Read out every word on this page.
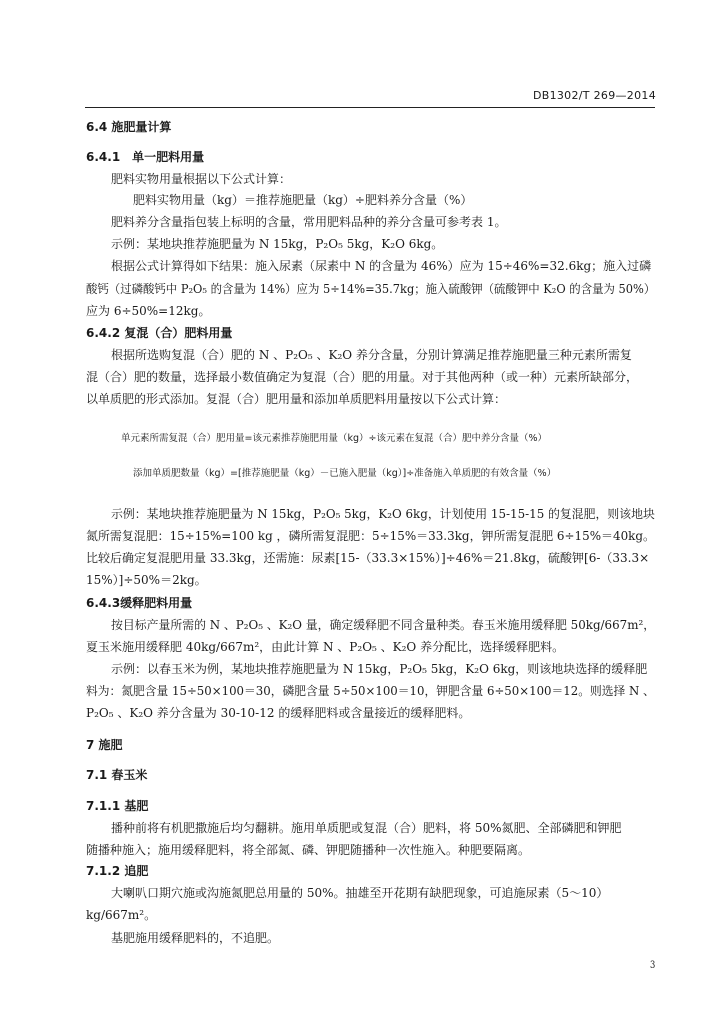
DB1302/T 269—2014
6.4 施肥量计算
6.4.1　单一肥料用量
肥料实物用量根据以下公式计算：
肥料实物用量（kg）＝推荐施肥量（kg）÷肥料养分含量（%）
肥料养分含量指包装上标明的含量，常用肥料品种的养分含量可参考表 1。
示例：某地块推荐施肥量为 N 15kg，P₂O₅ 5kg，K₂O 6kg。
根据公式计算得如下结果：施入尿素（尿素中 N 的含量为 46%）应为 15÷46%=32.6kg；施入过磷
酸钙（过磷酸钙中 P₂O₅ 的含量为 14%）应为 5÷14%=35.7kg；施入硫酸钾（硫酸钾中 K₂O 的含量为 50%）
应为 6÷50%=12kg。
6.4.2 复混（合）肥料用量
根据所选购复混（合）肥的 N 、P₂O₅ 、K₂O 养分含量，分别计算满足推荐施肥量三种元素所需复
混（合）肥的数量，选择最小数值确定为复混（合）肥的用量。对于其他两种（或一种）元素所缺部分，
以单质肥的形式添加。复混（合）肥用量和添加单质肥料用量按以下公式计算：
单元素所需复混（合）肥用量=该元素推荐施肥用量（kg）÷该元素在复混（合）肥中养分含量（%）
添加单质肥数量（kg）=[推荐施肥量（kg）－已施入肥量（kg）]÷准备施入单质肥的有效含量（%）
示例：某地块推荐施肥量为 N 15kg，P₂O₅ 5kg，K₂O 6kg，计划使用 15-15-15 的复混肥，则该地块
氮所需复混肥：15÷15%=100 kg ，磷所需复混肥：5÷15%＝33.3kg，钾所需复混肥 6÷15%＝40kg。
比较后确定复混肥用量 33.3kg，还需施：尿素[15-（33.3×15%）]÷46%＝21.8kg，硫酸钾[6-（33.3×
15%）]÷50%＝2kg。
6.4.3缓释肥料用量
按目标产量所需的 N 、P₂O₅ 、K₂O 量，确定缓释肥不同含量种类。春玉米施用缓释肥 50kg/667m²，
夏玉米施用缓释肥 40kg/667m²，由此计算 N 、P₂O₅ 、K₂O 养分配比，选择缓释肥料。
示例：以春玉米为例，某地块推荐施肥量为 N 15kg，P₂O₅ 5kg，K₂O 6kg，则该地块选择的缓释肥
料为：氮肥含量 15÷50×100＝30，磷肥含量 5÷50×100＝10，钾肥含量 6÷50×100＝12。则选择 N 、
P₂O₅ 、K₂O 养分含量为 30-10-12 的缓释肥料或含量接近的缓释肥料。
7 施肥
7.1 春玉米
7.1.1 基肥
播种前将有机肥撒施后均匀翻耕。施用单质肥或复混（合）肥料，将 50%氮肥、全部磷肥和钾肥
随播种施入；施用缓释肥料，将全部氮、磷、钾肥随播种一次性施入。种肥要隔离。
7.1.2 追肥
大喇叭口期穴施或沟施氮肥总用量的 50%。抽雄至开花期有缺肥现象，可追施尿素（5～10）
kg/667m²。
基肥施用缓释肥料的，不追肥。
3
